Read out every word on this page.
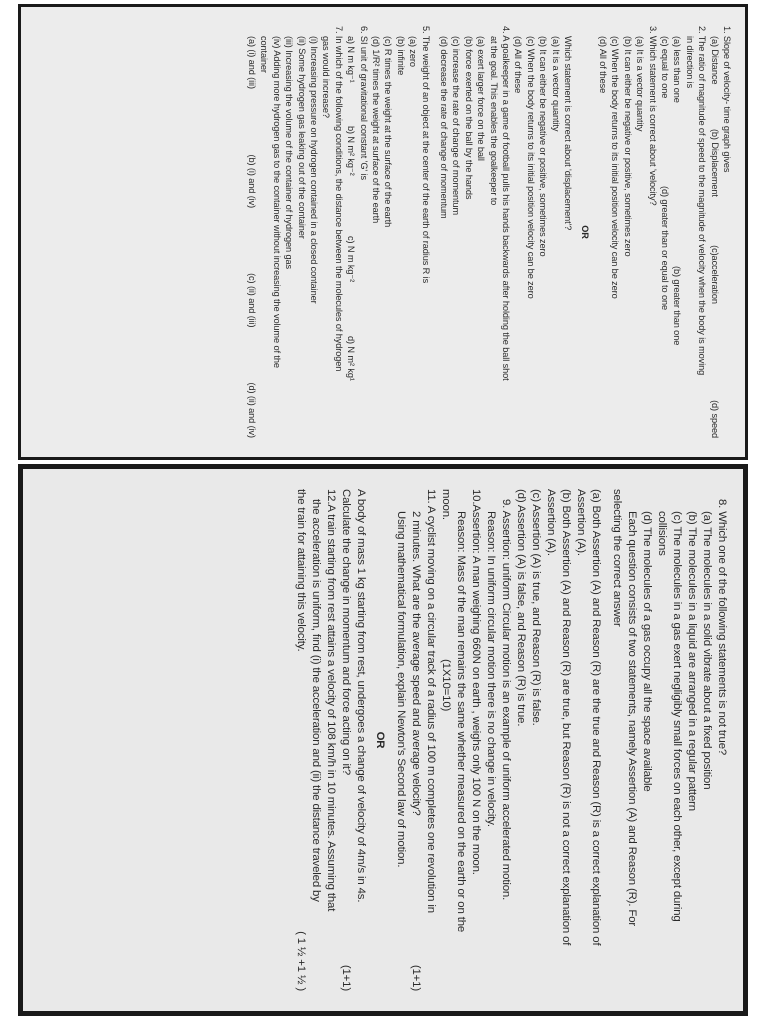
1. Slope of velocity- time graph gives
(a) Distance
(b) Displacement
(c)acceleration
(d) speed
2. The ratio of magnitude of speed to the magnitude of velocity when the body is moving
in direction is
(a) less than one
(b) greater than one
(c) equal to one
(d) greater than or equal to one
3. Which statement is correct about 'velocity?
(a) It is a vector quantity
(b) It can either be negative or positive, sometimes zero
(c) When the body returns to its initial position velocity can be zero
(d) All of these
OR
Which statement is correct about 'displacement'?
(a) It is a vector quantity
(b) It can either be negative or positive, sometimes zero
(c) When the body returns to its initial position velocity can be zero
(d) All of these
4. A goalkeeper in a game of football pulls his hands backwards after holding the ball shot
at the goal. This enables the goalkeeper to
(a) exert larger force on the ball
(b) force exerted on the ball by the hands
(c) increase the rate of change of momentum
(d) decrease the rate of change of momentum
5. The weight of an object at the center of the earth of radius R is
(a) zero
(b) infinite
(c) R times the weight at the surface of the earth
(d) 1/R² times the weight at surface of the earth
6. SI unit of gravitational constant 'G' is
a) N m kg⁻¹
b) N m² kg⁻²
c) N m kg⁻²
d) N m² kg¹
7. In which of the following conditions, the distance between the molecules of hydrogen
gas would increase?
(i) Increasing pressure on hydrogen contained in a closed container
(ii) Some hydrogen gas leaking out of the container
(iii) Increasing the volume of the container of hydrogen gas
(iv) Adding more hydrogen gas to the container without increasing the volume of the
container
(a) (i) and (iii)
(b) (i) and (iv)
(c) (ii) and (iii)
(d) (ii) and (iv)
8. Which one of the following statements is not true?
(a) The molecules in a solid vibrate about a fixed position
(b) The molecules in a liquid are arranged in a regular pattern
(c) The molecules in a gas exert negligibly small forces on each other, except during
collisions
(d) The molecules of a gas occupy all the space available
Each question consists of two statements, namely Assertion (A) and Reason (R). For
selecting the correct answer
(a) Both Assertion (A) and Reason (R) are the true and Reason (R) is a correct explanation of
Assertion (A).
(b) Both Assertion (A) and Reason (R) are true, but Reason (R) is not a correct explanation of
Assertion (A).
(c) Assertion (A) is true, and Reason (R) is false.
(d) Assertion (A) is false, and Reason (R) is true.
9. Assertion: uniform Circular motion is an example of uniform accelerated motion.
Reason: In uniform circular motion there is no change in velocity.
10.Assertion: A man weighing 660N on earth , weighs only 100 N on the moon.
Reason: Mass of the man remains the same whether measured on the earth or on the
moon.
(1X10=10)
11. A cyclist moving on a circular track of a radius of 100 m completes one revolution in
2 minutes. What are the average speed and average velocity?
(1+1)
Using mathematical formulation, explain Newton's Second law of motion.
OR
A body of mass 1 kg starting from rest, undergoes a change of velocity of 4m/s in 4s.
Calculate the change in momentum and force acting on it?
(1+1)
12.A train starting from rest attains a velocity of 108 km/h in 10 minutes. Assuming that
the acceleration is uniform, find (i) the acceleration and (ii) the distance traveled by
the train for attaining this velocity.
( 1 ½ +1 ½ )
